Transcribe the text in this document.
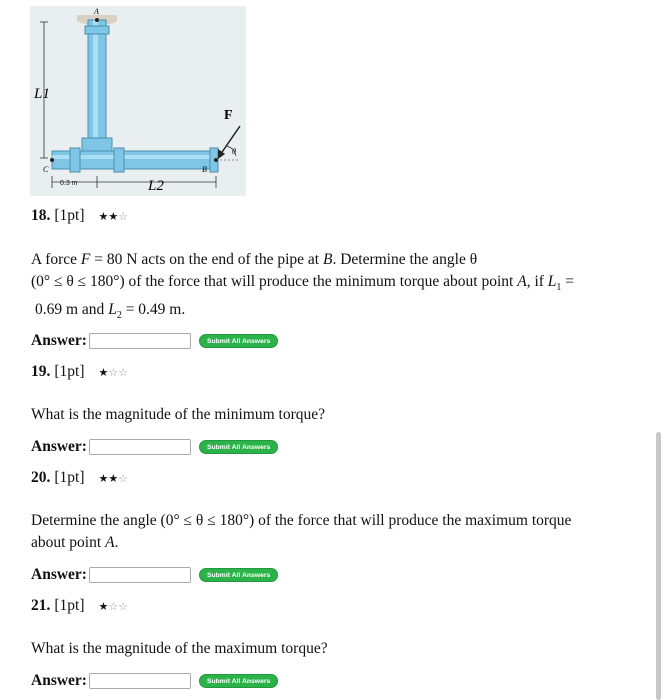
A
B
C
F
θ
L1
L2
0.3 m
18. [1pt] ★★☆
A force F = 80 N acts on the end of the pipe at B. Determine the angle θ
(0° ≤ θ ≤ 180°) of the force that will produce the minimum torque about point A, if $L_1$ =
0.69 m and $L_2 = 0.49$ m.
Answer:	Submit All Answers
19. [1pt] ★☆☆
What is the magnitude of the minimum torque?
Answer:	Submit All Answers
20. [1pt] ★★☆
Determine the angle (0° ≤ θ ≤ 180°) of the force that will produce the maximum torque
about point A.
Answer:	Submit All Answers
21. [1pt] ★☆☆
What is the magnitude of the maximum torque?
Answer:	Submit All Answers
